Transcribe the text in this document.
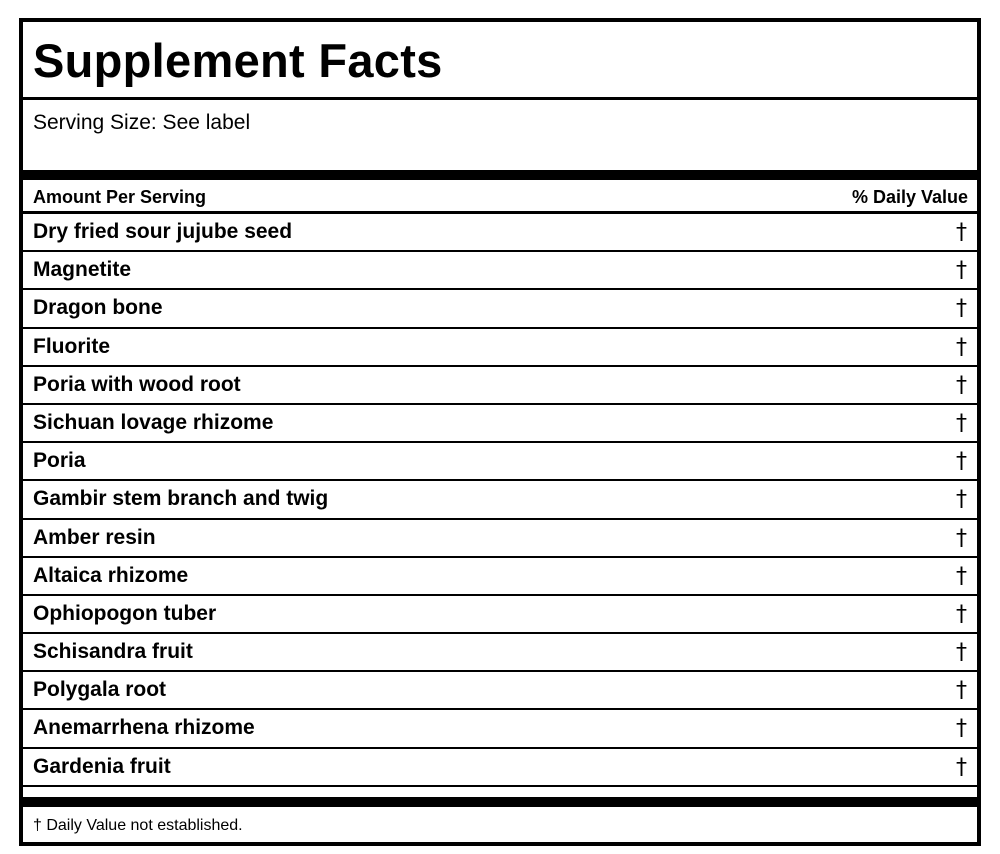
Supplement Facts
Serving Size: See label
Amount Per Serving	% Daily Value
Dry fried sour jujube seed	†
Magnetite	†
Dragon bone	†
Fluorite	†
Poria with wood root	†
Sichuan lovage rhizome	†
Poria	†
Gambir stem branch and twig	†
Amber resin	†
Altaica rhizome	†
Ophiopogon tuber	†
Schisandra fruit	†
Polygala root	†
Anemarrhena rhizome	†
Gardenia fruit	†
† Daily Value not established.
